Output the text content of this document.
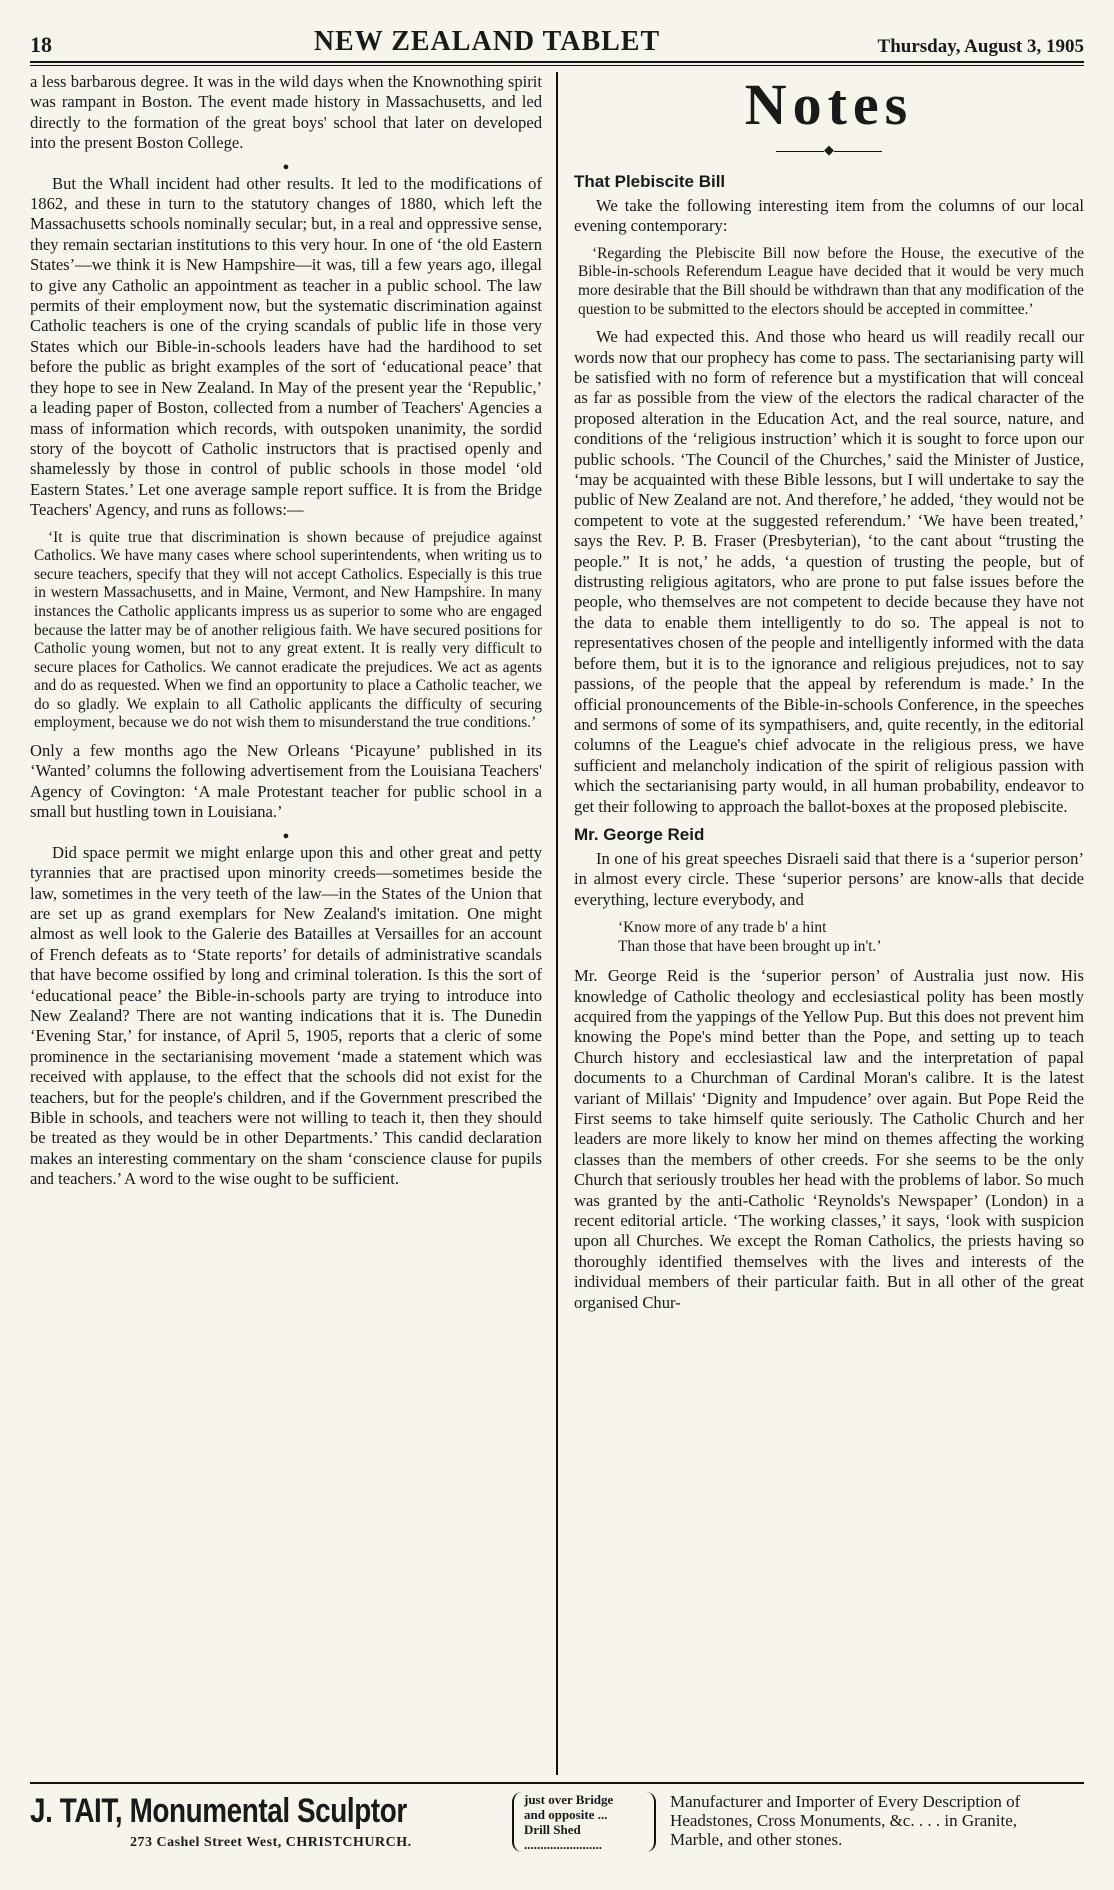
18	NEW ZEALAND TABLET	Thursday, August 3, 1905

a less barbarous degree. It was in the wild days when the Knownothing spirit was rampant in Boston. The event made history in Massachusetts, and led directly to the formation of the great boys' school that later on developed into the present Boston College.

●

But the Whall incident had other results. It led to the modifications of 1862, and these in turn to the statutory changes of 1880, which left the Massachusetts schools nominally secular; but, in a real and oppressive sense, they remain sectarian institutions to this very hour. In one of ‘the old Eastern States’—we think it is New Hampshire—it was, till a few years ago, illegal to give any Catholic an appointment as teacher in a public school. The law permits of their employment now, but the systematic discrimination against Catholic teachers is one of the crying scandals of public life in those very States which our Bible-in-schools leaders have had the hardihood to set before the public as bright examples of the sort of ‘educational peace’ that they hope to see in New Zealand. In May of the present year the ‘Republic,’ a leading paper of Boston, collected from a number of Teachers' Agencies a mass of information which records, with outspoken unanimity, the sordid story of the boycott of Catholic instructors that is practised openly and shamelessly by those in control of public schools in those model ‘old Eastern States.’ Let one average sample report suffice. It is from the Bridge Teachers' Agency, and runs as follows:—

‘It is quite true that discrimination is shown because of prejudice against Catholics. We have many cases where school superintendents, when writing us to secure teachers, specify that they will not accept Catholics. Especially is this true in western Massachusetts, and in Maine, Vermont, and New Hampshire. In many instances the Catholic applicants impress us as superior to some who are engaged because the latter may be of another religious faith. We have secured positions for Catholic young women, but not to any great extent. It is really very difficult to secure places for Catholics. We cannot eradicate the prejudices. We act as agents and do as requested. When we find an opportunity to place a Catholic teacher, we do so gladly. We explain to all Catholic applicants the difficulty of securing employment, because we do not wish them to misunderstand the true conditions.’

Only a few months ago the New Orleans ‘Picayune’ published in its ‘Wanted’ columns the following advertisement from the Louisiana Teachers' Agency of Covington: ‘A male Protestant teacher for public school in a small but hustling town in Louisiana.’

●

Did space permit we might enlarge upon this and other great and petty tyrannies that are practised upon minority creeds—sometimes beside the law, sometimes in the very teeth of the law—in the States of the Union that are set up as grand exemplars for New Zealand's imitation. One might almost as well look to the Galerie des Batailles at Versailles for an account of French defeats as to ‘State reports’ for details of administrative scandals that have become ossified by long and criminal toleration. Is this the sort of ‘educational peace’ the Bible-in-schools party are trying to introduce into New Zealand? There are not wanting indications that it is. The Dunedin ‘Evening Star,’ for instance, of April 5, 1905, reports that a cleric of some prominence in the sectarianising movement ‘made a statement which was received with applause, to the effect that the schools did not exist for the teachers, but for the people's children, and if the Government prescribed the Bible in schools, and teachers were not willing to teach it, then they should be treated as they would be in other Departments.’ This candid declaration makes an interesting commentary on the sham ‘conscience clause for pupils and teachers.’ A word to the wise ought to be sufficient.

Notes
◆
That Plebiscite Bill

We take the following interesting item from the columns of our local evening contemporary:

‘Regarding the Plebiscite Bill now before the House, the executive of the Bible-in-schools Referendum League have decided that it would be very much more desirable that the Bill should be withdrawn than that any modification of the question to be submitted to the electors should be accepted in committee.’

We had expected this. And those who heard us will readily recall our words now that our prophecy has come to pass. The sectarianising party will be satisfied with no form of reference but a mystification that will conceal as far as possible from the view of the electors the radical character of the proposed alteration in the Education Act, and the real source, nature, and conditions of the ‘religious instruction’ which it is sought to force upon our public schools. ‘The Council of the Churches,’ said the Minister of Justice, ‘may be acquainted with these Bible lessons, but I will undertake to say the public of New Zealand are not. And therefore,’ he added, ‘they would not be competent to vote at the suggested referendum.’ ‘We have been treated,’ says the Rev. P. B. Fraser (Presbyterian), ‘to the cant about “trusting the people.” It is not,’ he adds, ‘a question of trusting the people, but of distrusting religious agitators, who are prone to put false issues before the people, who themselves are not competent to decide because they have not the data to enable them intelligently to do so. The appeal is not to representatives chosen of the people and intelligently informed with the data before them, but it is to the ignorance and religious prejudices, not to say passions, of the people that the appeal by referendum is made.’ In the official pronouncements of the Bible-in-schools Conference, in the speeches and sermons of some of its sympathisers, and, quite recently, in the editorial columns of the League's chief advocate in the religious press, we have sufficient and melancholy indication of the spirit of religious passion with which the sectarianising party would, in all human probability, endeavor to get their following to approach the ballot-boxes at the proposed plebiscite.

Mr. George Reid

In one of his great speeches Disraeli said that there is a ‘superior person’ in almost every circle. These ‘superior persons’ are know-alls that decide everything, lecture everybody, and

‘Know more of any trade b' a hint
Than those that have been brought up in't.’

Mr. George Reid is the ‘superior person’ of Australia just now. His knowledge of Catholic theology and ecclesiastical polity has been mostly acquired from the yappings of the Yellow Pup. But this does not prevent him knowing the Pope's mind better than the Pope, and setting up to teach Church history and ecclesiastical law and the interpretation of papal documents to a Churchman of Cardinal Moran's calibre. It is the latest variant of Millais' ‘Dignity and Impudence’ over again. But Pope Reid the First seems to take himself quite seriously. The Catholic Church and her leaders are more likely to know her mind on themes affecting the working classes than the members of other creeds. For she seems to be the only Church that seriously troubles her head with the problems of labor. So much was granted by the anti-Catholic ‘Reynolds's Newspaper’ (London) in a recent editorial article. ‘The working classes,’ it says, ‘look with suspicion upon all Churches. We except the Roman Catholics, the priests having so thoroughly identified themselves with the lives and interests of the individual members of their particular faith. But in all other of the great organised Chur-

J. TAIT, Monumental Sculptor
273 Cashel Street West, CHRISTCHURCH.
just over Bridge
and opposite ...
Drill Shed
........................
Manufacturer and Importer of Every Description of Headstones, Cross Monuments, &c. . . . in Granite, Marble, and other stones.
